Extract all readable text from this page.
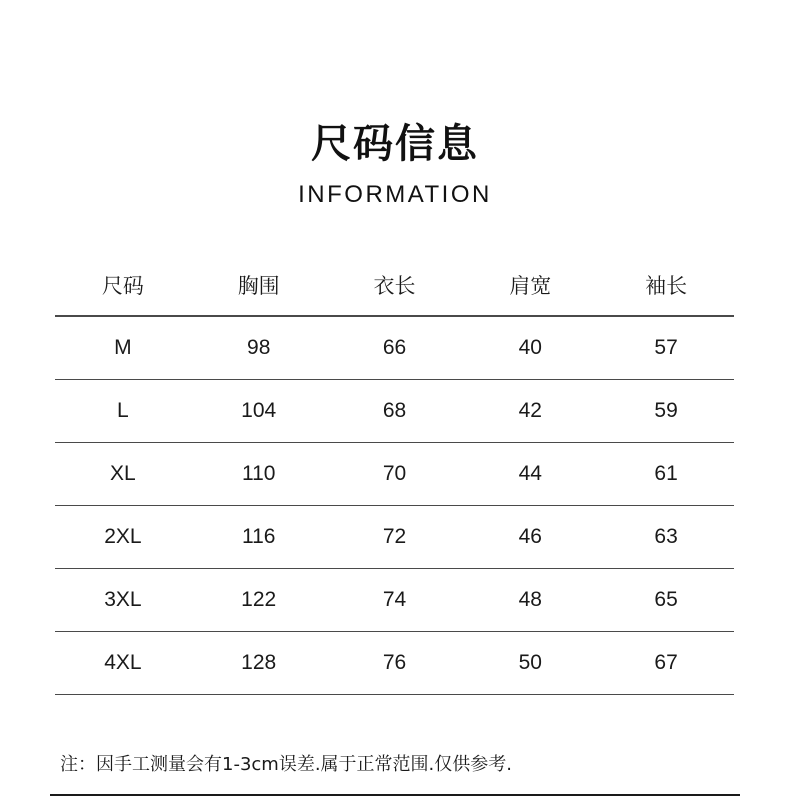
尺码信息
INFORMATION
尺码	胸围	衣长	肩宽	袖长
M	98	66	40	57
L	104	68	42	59
XL	110	70	44	61
2XL	116	72	46	63
3XL	122	74	48	65
4XL	128	76	50	67
注：因手工测量会有1-3cm误差.属于正常范围.仅供参考.
